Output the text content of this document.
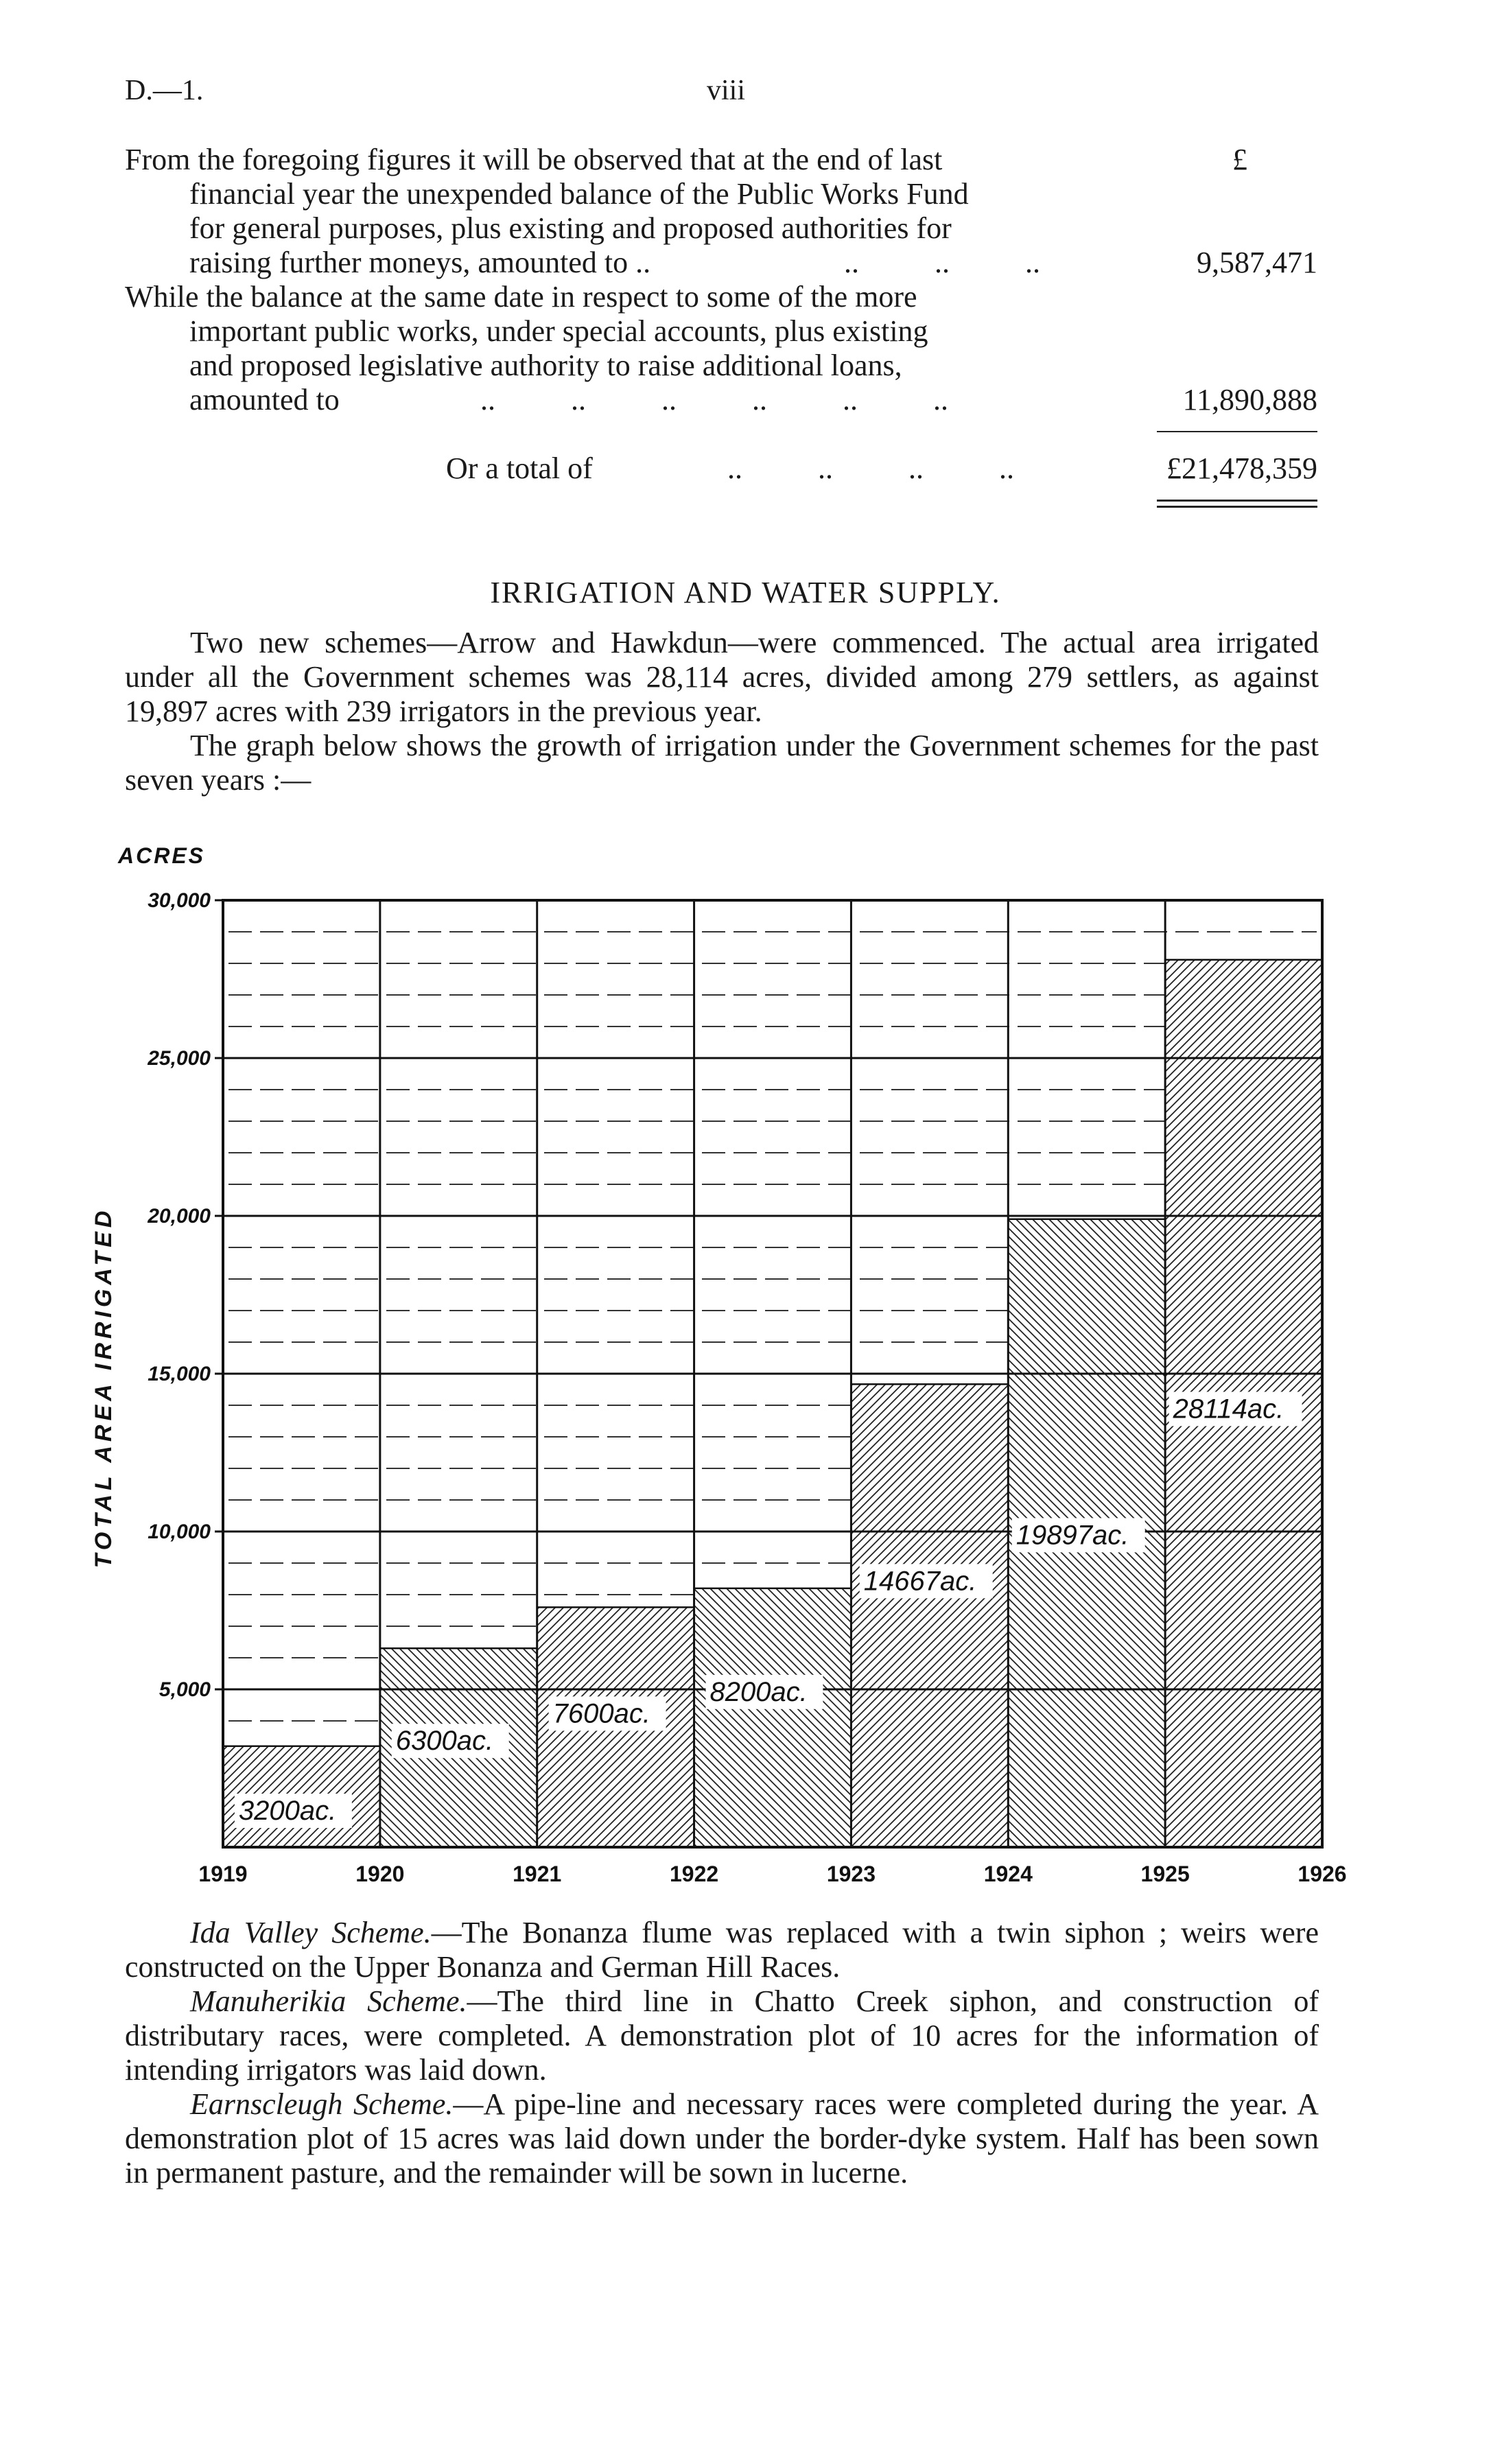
D.—1.	viii
£
From the foregoing figures it will be observed that at the end of last
financial year the unexpended balance of the Public Works Fund
for general purposes, plus existing and proposed authorities for
raising further moneys, amounted to ..	..          ..          ..	9,587,471
While the balance at the same date in respect to some of the more
important public works, under special accounts, plus existing
and proposed legislative authority to raise additional loans,
amounted to	..          ..          ..          ..          ..          ..	11,890,888
Or a total of	..          ..          ..          ..	£21,478,359
IRRIGATION AND WATER SUPPLY.
Two new schemes—Arrow and Hawkdun—were commenced. The actual area irrigated under all the Government schemes was 28,114 acres, divided among 279 settlers, as against 19,897 acres with 239 irrigators in the previous year.
The graph below shows the growth of irrigation under the Government schemes for the past seven years :—
5,000
10,000
15,000
20,000
25,000
30,000
1919	1920	1921	1922	1923	1924	1925	1926
ACRES
TOTAL AREA IRRIGATED
3200ac.
6300ac.
7600ac.
8200ac.
14667ac.
19897ac.
28114ac.
Ida Valley Scheme.—The Bonanza flume was replaced with a twin siphon ; weirs were constructed on the Upper Bonanza and German Hill Races.
Manuherikia Scheme.—The third line in Chatto Creek siphon, and construction of distributary races, were completed. A demonstration plot of 10 acres for the information of intending irrigators was laid down.
Earnscleugh Scheme.—A pipe-line and necessary races were completed during the year. A demonstration plot of 15 acres was laid down under the border-dyke system. Half has been sown in permanent pasture, and the remainder will be sown in lucerne.
